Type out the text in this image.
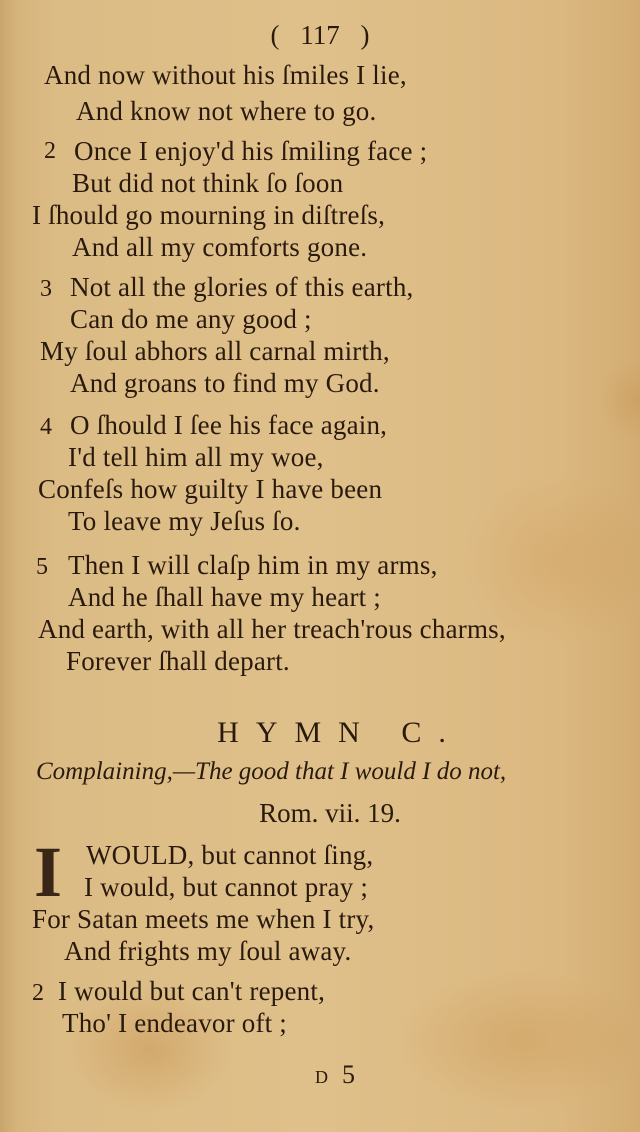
( 117 )
And now without his ſmiles I lie,
And know not where to go.
2 Once I enjoy'd his ſmiling face ;
But did not think ſo ſoon
I ſhould go mourning in diſtreſs,
And all my comforts gone.
3 Not all the glories of this earth,
Can do me any good ;
My ſoul abhors all carnal mirth,
And groans to find my God.
4 O ſhould I ſee his face again,
I'd tell him all my woe,
Confeſs how guilty I have been
To leave my Jeſus ſo.
5 Then I will claſp him in my arms,
And he ſhall have my heart ;
And earth, with all her treach'rous charms,
Forever ſhall depart.
HYMN C.
Complaining,—The good that I would I do not,
Rom. vii. 19.
I WOULD, but cannot ſing,
I would, but cannot pray ;
For Satan meets me when I try,
And frights my ſoul away.
2 I would but can't repent,
Tho' I endeavor oft ;
D 5
